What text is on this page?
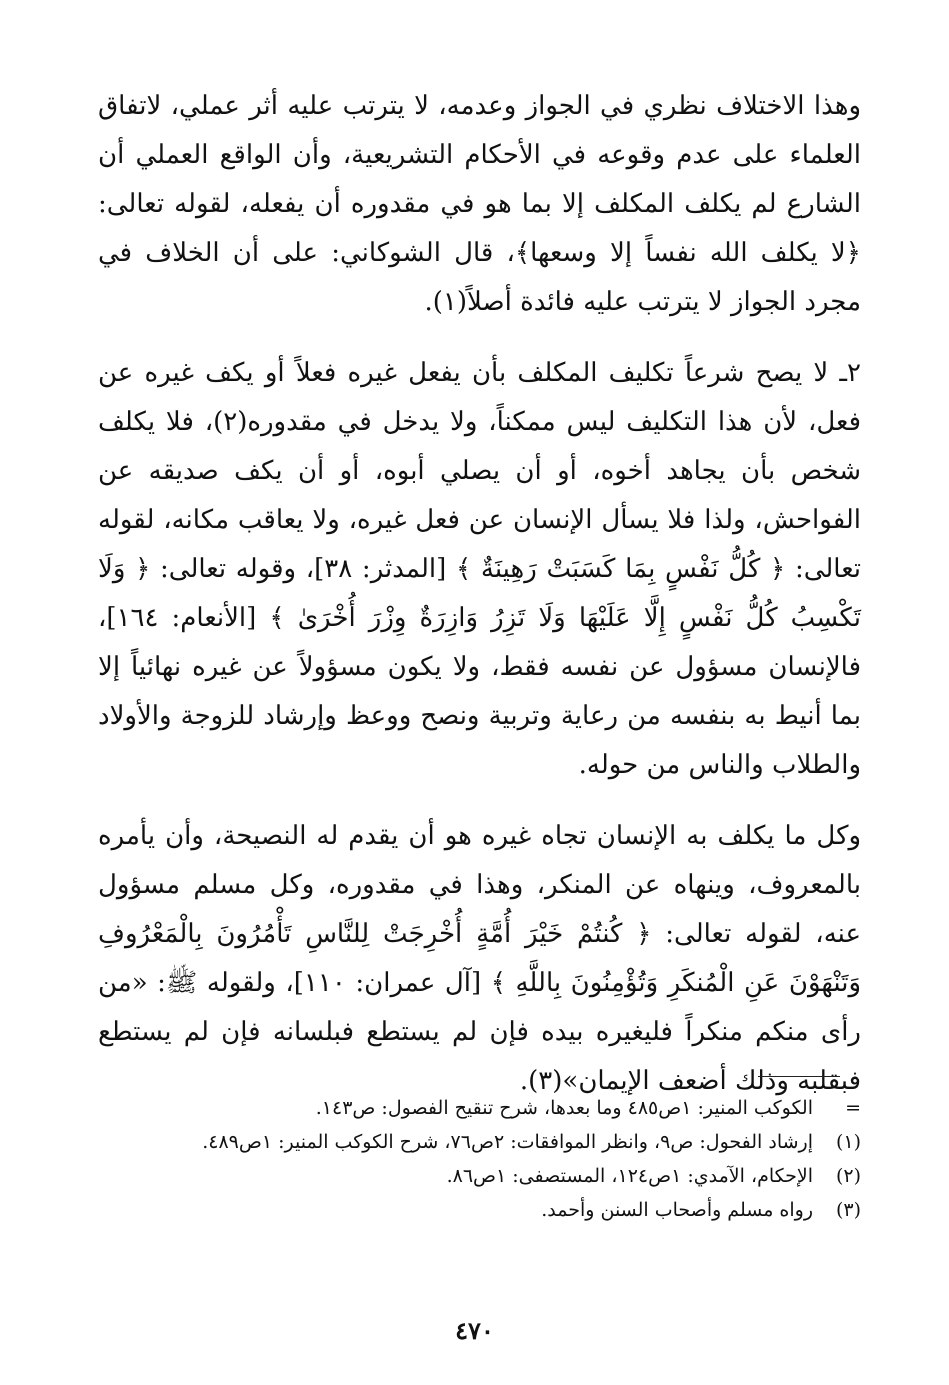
وهذا الاختلاف نظري في الجواز وعدمه، لا يترتب عليه أثر عملي، لاتفاق العلماء على عدم وقوعه في الأحكام التشريعية، وأن الواقع العملي أن الشارع لم يكلف المكلف إلا بما هو في مقدوره أن يفعله، لقوله تعالى: ﴿لا يكلف الله نفساً إلا وسعها﴾، قال الشوكاني: على أن الخلاف في مجرد الجواز لا يترتب عليه فائدة أصلاً(١).

٢ـ لا يصح شرعاً تكليف المكلف بأن يفعل غيره فعلاً أو يكف غيره عن فعل، لأن هذا التكليف ليس ممكناً، ولا يدخل في مقدوره(٢)، فلا يكلف شخص بأن يجاهد أخوه، أو أن يصلي أبوه، أو أن يكف صديقه عن الفواحش، ولذا فلا يسأل الإنسان عن فعل غيره، ولا يعاقب مكانه، لقوله تعالى: ﴿ كُلُّ نَفْسٍ بِمَا كَسَبَتْ رَهِينَةٌ ﴾ [المدثر: ٣٨]، وقوله تعالى: ﴿ وَلَا تَكْسِبُ كُلُّ نَفْسٍ إِلَّا عَلَيْهَا وَلَا تَزِرُ وَازِرَةٌ وِزْرَ أُخْرَىٰ ﴾ [الأنعام: ١٦٤]، فالإنسان مسؤول عن نفسه فقط، ولا يكون مسؤولاً عن غيره نهائياً إلا بما أنيط به بنفسه من رعاية وتربية ونصح ووعظ وإرشاد للزوجة والأولاد والطلاب والناس من حوله.

وكل ما يكلف به الإنسان تجاه غيره هو أن يقدم له النصيحة، وأن يأمره بالمعروف، وينهاه عن المنكر، وهذا في مقدوره، وكل مسلم مسؤول عنه، لقوله تعالى: ﴿ كُنتُمْ خَيْرَ أُمَّةٍ أُخْرِجَتْ لِلنَّاسِ تَأْمُرُونَ بِالْمَعْرُوفِ وَتَنْهَوْنَ عَنِ الْمُنكَرِ وَتُؤْمِنُونَ بِاللَّهِ ﴾ [آل عمران: ١١٠]، ولقوله ﷺ: «من رأى منكم منكراً فليغيره بيده فإن لم يستطع فبلسانه فإن لم يستطع فبقلبه وذلك أضعف الإيمان»(٣).

=
الكوكب المنير: ١ص٤٨٥ وما بعدها، شرح تنقيح الفصول: ص١٤٣.
(١)
إرشاد الفحول: ص٩، وانظر الموافقات: ٢ص٧٦، شرح الكوكب المنير: ١ص٤٨٩.
(٢)
الإحكام، الآمدي: ١ص١٢٤، المستصفى: ١ص٨٦.
(٣)
رواه مسلم وأصحاب السنن وأحمد.
٤٧٠
